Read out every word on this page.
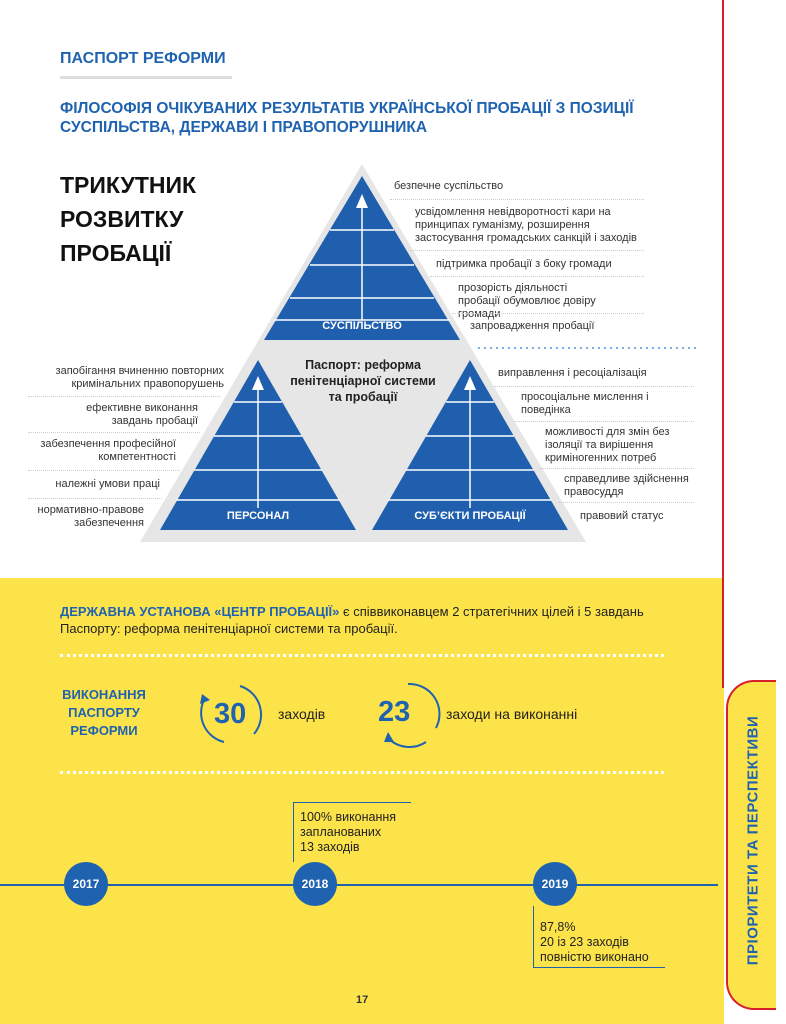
ПРІОРИТЕТИ ТА ПЕРСПЕКТИВИ
ПАСПОРТ РЕФОРМИ
ФІЛОСОФІЯ ОЧІКУВАНИХ РЕЗУЛЬТАТІВ УКРАЇНСЬКОЇ ПРОБАЦІЇ З ПОЗИЦІЇ СУСПІЛЬСТВА, ДЕРЖАВИ І ПРАВОПОРУШНИКА
ТРИКУТНИК
РОЗВИТКУ
ПРОБАЦІЇ
СУСПІЛЬСТВО
ПЕРСОНАЛ	СУБ’ЄКТИ ПРОБАЦІЇ
Паспорт: реформа пенітенціарної системи та пробації
безпечне суспільство
усвідомлення невідворотності кари на принципах гуманізму, розширення застосування громадських санкцій і заходів
підтримка пробації з боку громади
прозорість діяльності пробації обумовлює довіру громади
запровадження пробації
запобігання вчиненню повторних кримінальних правопорушень
ефективне виконання завдань пробації
забезпечення професійної компетентності
належні умови праці
нормативно-правове забезпечення
виправлення і ресоціалізація
просоціальне мислення і поведінка
можливості для змін без ізоляції та вирішення криміногенних потреб
справедливе здійснення правосуддя
правовий статус
ДЕРЖАВНА УСТАНОВА «ЦЕНТР ПРОБАЦІЇ» є співвиконавцем 2 стратегічних цілей і 5 завдань Паспорту: реформа пенітенціарної системи та пробації.
ВИКОНАННЯ ПАСПОРТУ РЕФОРМИ
30 заходів 23	заходи на виконанні
2017	2018	2019
100% виконання
запланованих
13 заходів
87,8%
20 із 23 заходів
повністю виконано
17
